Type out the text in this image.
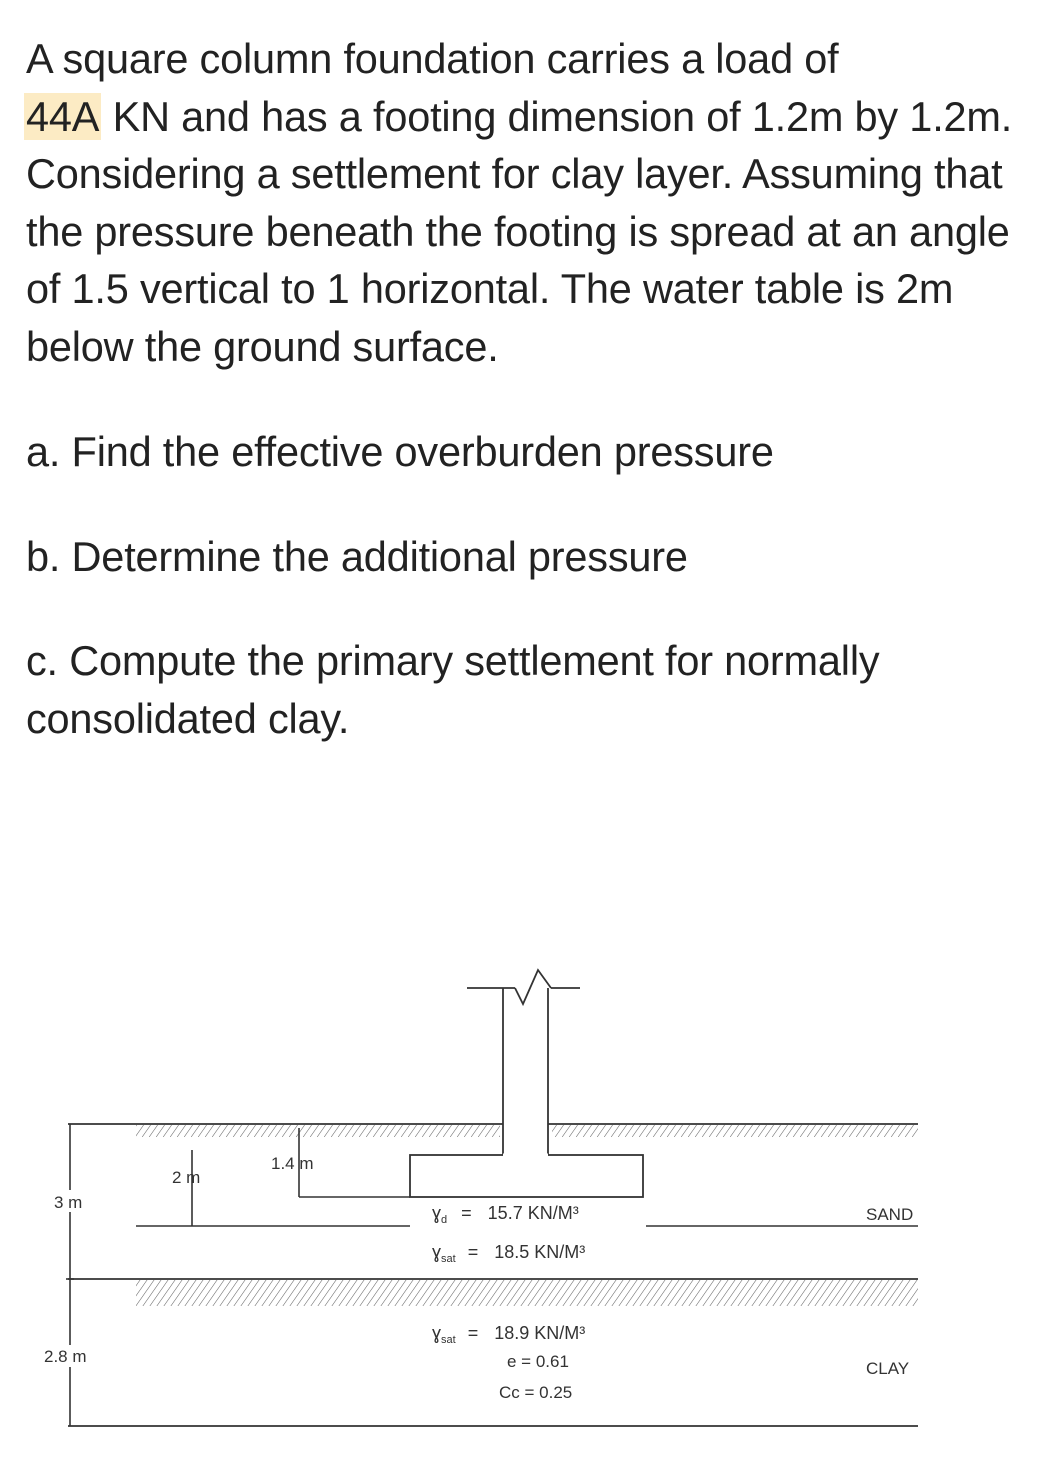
A square column foundation carries a load of
44A KN and has a footing dimension of 1.2m by 1.2m. Considering a settlement for clay layer. Assuming that the pressure beneath the footing is spread at an angle of 1.5 vertical to 1 horizontal. The water table is 2m below the ground surface.

a. Find the effective overburden pressure

b. Determine the additional pressure

c. Compute the primary settlement for normally consolidated clay.

1.4 m
2 m
3 m
2.8 m
ɣ$_d$ = 15.7 KN/M³
ɣ$_{sat}$ = 18.5 KN/M³
SAND
ɣ$_{sat}$ = 18.9 KN/M³
e = 0.61
Cc = 0.25
CLAY
